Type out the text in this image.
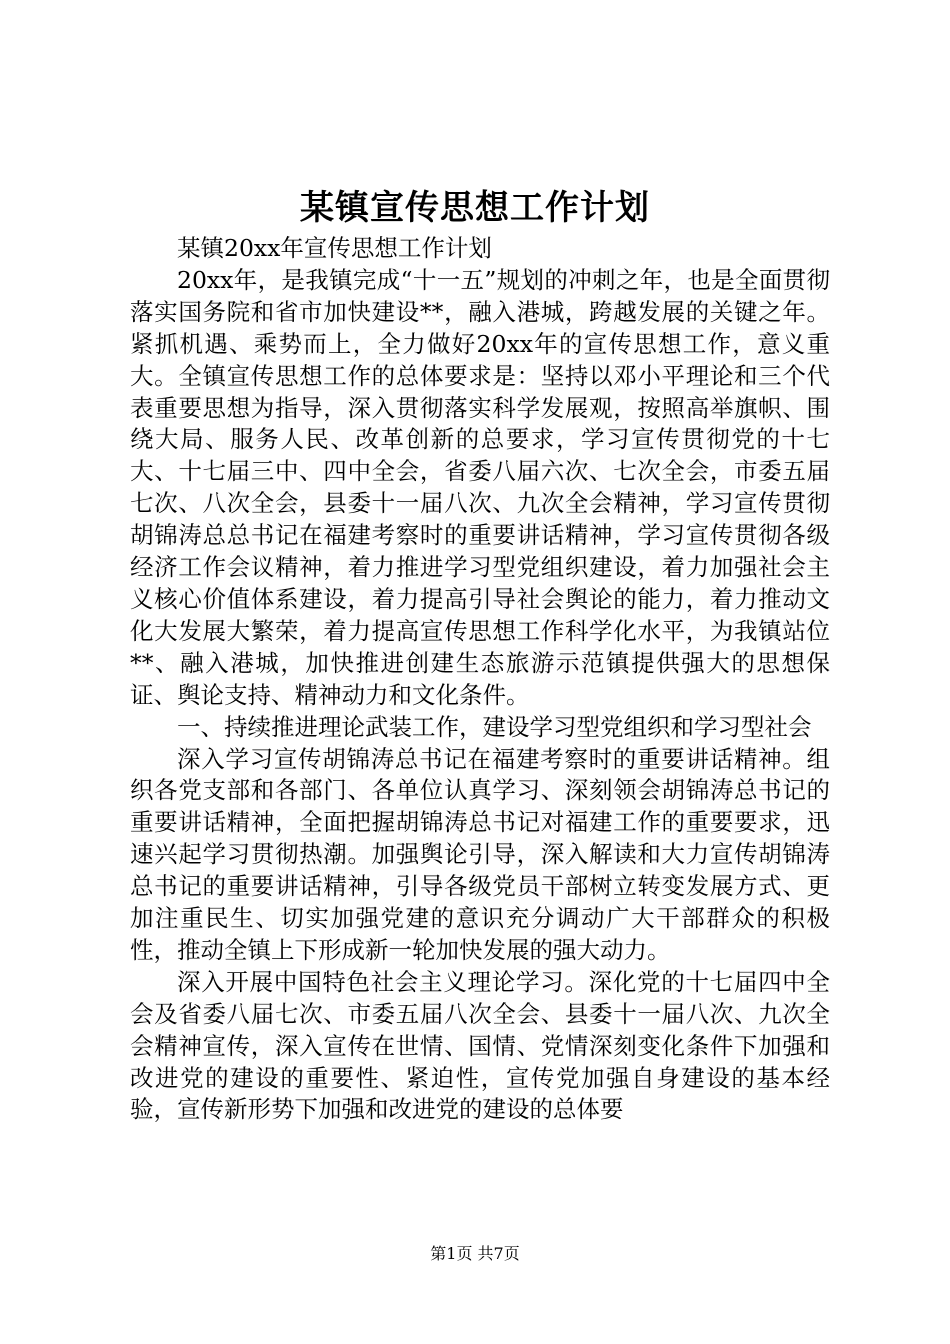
某镇宣传思想工作计划

某镇20xx年宣传思想工作计划

20xx年，是我镇完成“十一五”规划的冲刺之年，也是全面贯彻落实国务院和省市加快建设**，融入港城，跨越发展的关键之年。紧抓机遇、乘势而上，全力做好20xx年的宣传思想工作，意义重大。全镇宣传思想工作的总体要求是：坚持以邓小平理论和三个代表重要思想为指导，深入贯彻落实科学发展观，按照高举旗帜、围绕大局、服务人民、改革创新的总要求，学习宣传贯彻党的十七大、十七届三中、四中全会，省委八届六次、七次全会，市委五届七次、八次全会，县委十一届八次、九次全会精神，学习宣传贯彻胡锦涛总总书记在福建考察时的重要讲话精神，学习宣传贯彻各级经济工作会议精神，着力推进学习型党组织建设，着力加强社会主义核心价值体系建设，着力提高引导社会舆论的能力，着力推动文化大发展大繁荣，着力提高宣传思想工作科学化水平，为我镇站位**、融入港城，加快推进创建生态旅游示范镇提供强大的思想保证、舆论支持、精神动力和文化条件。

一、持续推进理论武装工作，建设学习型党组织和学习型社会

深入学习宣传胡锦涛总书记在福建考察时的重要讲话精神。组织各党支部和各部门、各单位认真学习、深刻领会胡锦涛总书记的重要讲话精神，全面把握胡锦涛总书记对福建工作的重要要求，迅速兴起学习贯彻热潮。加强舆论引导，深入解读和大力宣传胡锦涛总书记的重要讲话精神，引导各级党员干部树立转变发展方式、更加注重民生、切实加强党建的意识充分调动广大干部群众的积极性，推动全镇上下形成新一轮加快发展的强大动力。

深入开展中国特色社会主义理论学习。深化党的十七届四中全会及省委八届七次、市委五届八次全会、县委十一届八次、九次全会精神宣传，深入宣传在世情、国情、党情深刻变化条件下加强和改进党的建设的重要性、紧迫性，宣传党加强自身建设的基本经验，宣传新形势下加强和改进党的建设的总体要

第1页 共7页
